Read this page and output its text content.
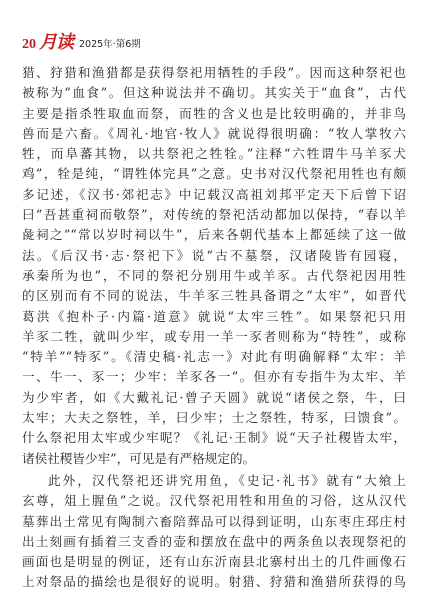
20 月读 2025年·第6期
猎、狩猎和渔猎都是获得祭祀用牺牲的手段”。因而这种祭祀也
被称为“血食”。但这种说法并不确切。其实关于“血食”，古代
主要是指杀牲取血而祭，而牲的含义也是比较明确的，并非鸟
兽而是六畜。《周礼·地官·牧人》就说得很明确：“牧人掌牧六
牲，而阜蕃其物，以共祭祀之牲牷。”注释“六牲谓牛马羊豕犬
鸡”，牷是纯，“谓牲体完具”之意。史书对汉代祭祀用牲也有颇
多记述，《汉书·郊祀志》中记载汉高祖刘邦平定天下后曾下诏
曰“吾甚重祠而敬祭”，对传统的祭祀活动都加以保持，“春以羊
彘祠之”“常以岁时祠以牛”，后来各朝代基本上都延续了这一做
法。《后汉书·志·祭祀下》说“古不墓祭，汉诸陵皆有园寝，
承秦所为也”，不同的祭祀分别用牛或羊豕。古代祭祀因用牲
的区别而有不同的说法，牛羊豕三牲具备谓之“太牢”，如晋代
葛洪《抱朴子·内篇·道意》就说“太牢三牲”。如果祭祀只用
羊豕二牲，就叫少牢，或专用一羊一豕者则称为“特牲”，或称
“特羊”“特豕”。《清史稿·礼志一》对此有明确解释“太牢：羊
一、牛一、豕一；少牢：羊豕各一”。但亦有专指牛为太牢、羊
为少牢者，如《大戴礼记·曾子天圆》就说“诸侯之祭，牛，曰
太牢；大夫之祭牲，羊，曰少牢；士之祭牲，特豕，曰馈食”。
什么祭祀用太牢或少牢呢？《礼记·王制》说“天子社稷皆太牢，
诸侯社稷皆少牢”，可见是有严格规定的。
此外，汉代祭祀还讲究用鱼，《史记·礼书》就有“大飨上
玄尊，俎上腥鱼”之说。汉代祭祀用牲和用鱼的习俗，这从汉代
墓葬出土常见有陶制六畜陪葬品可以得到证明，山东枣庄邳庄村
出土刻画有插着三支香的壶和摆放在盘中的两条鱼以表现祭祀的
画面也是明显的例证，还有山东沂南县北寨村出土的几件画像石
上对祭品的描绘也是很好的说明。射猎、狩猎和渔猎所获得的鸟
